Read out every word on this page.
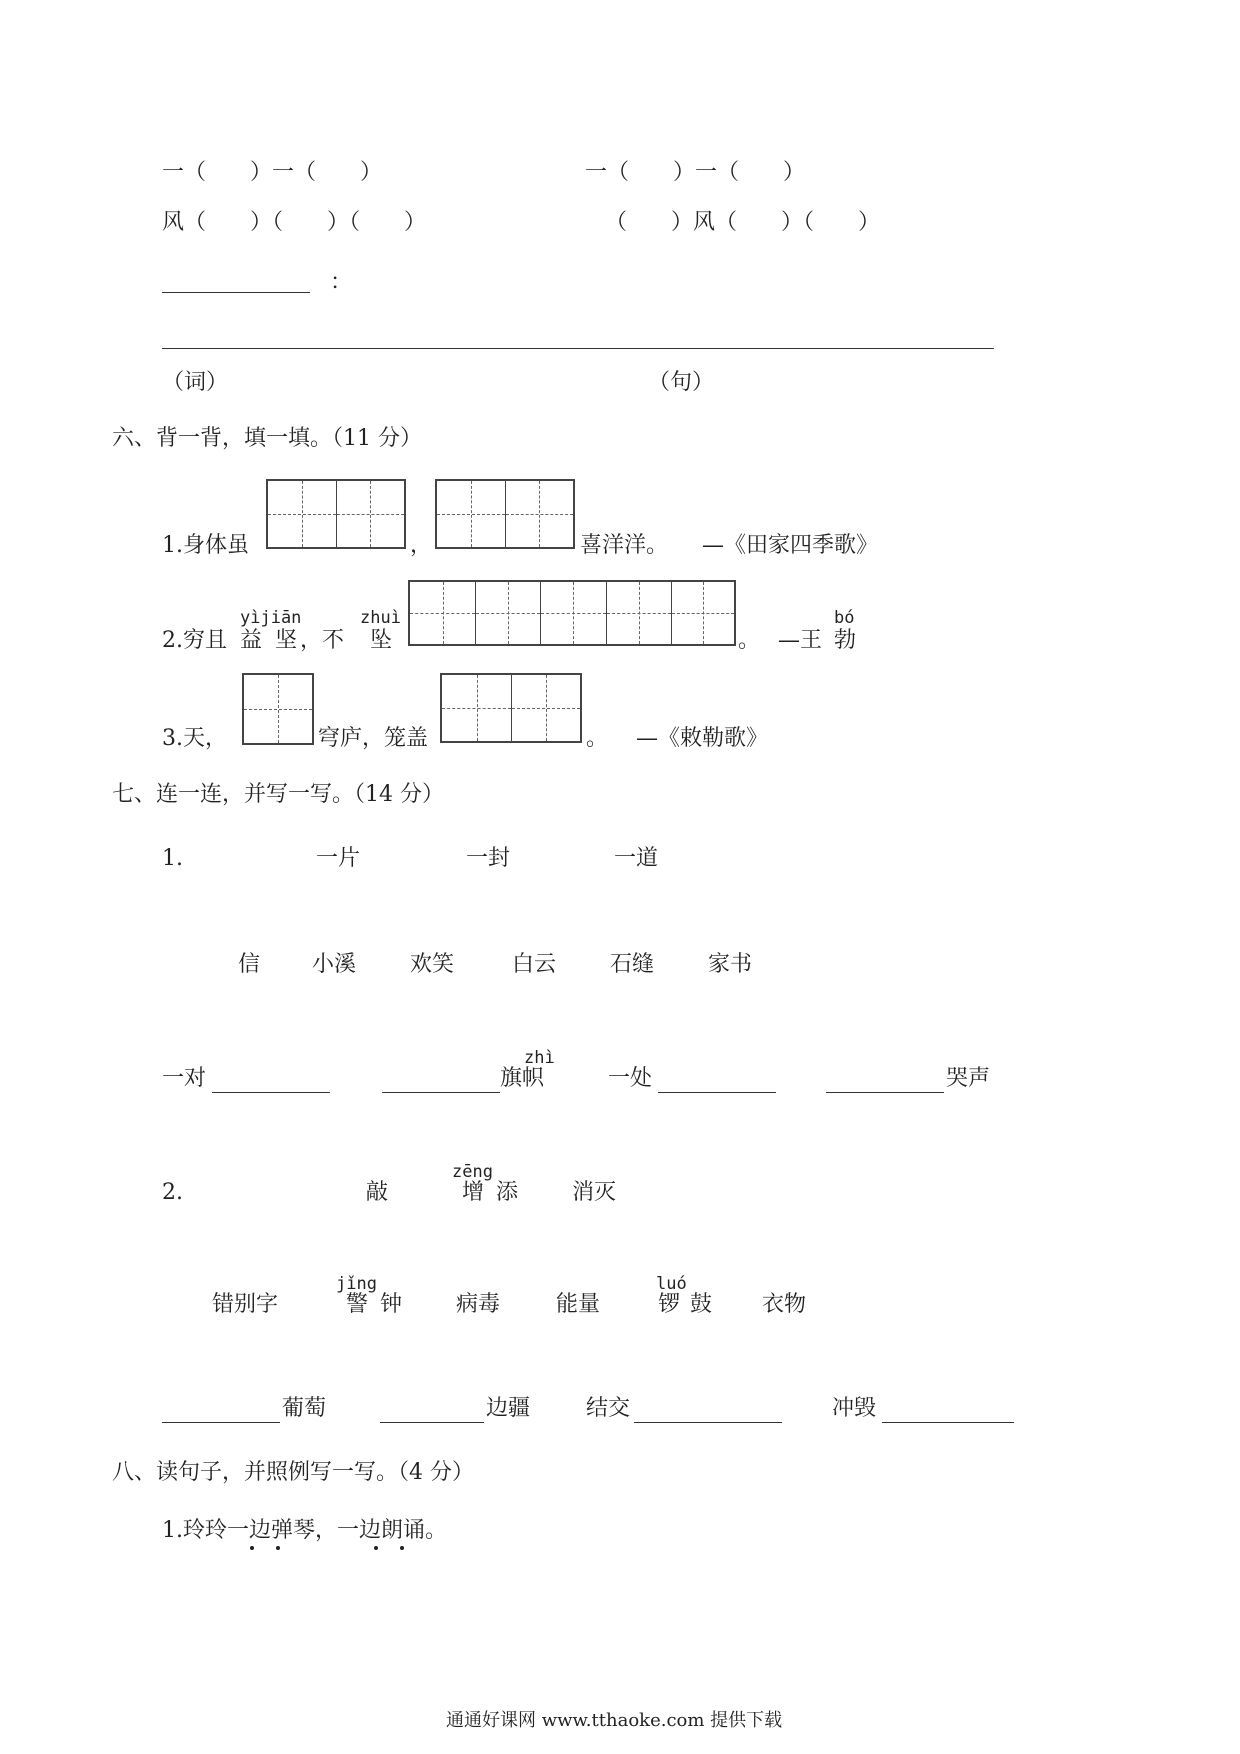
一（　　）一（　　）	一（　　）一（　　）
风（　　）（　　）（　　）	（　　）风（　　）（　　）
：
（词）	（句）
六、背一背，填一填。（11 分）
1.身体虽	，	喜洋洋。 —《田家四季歌》
yìjiān	zhuì	bó
2.穷且 益 坚 ，不 坠	。 —王 勃
3.天，	穹庐，笼盖	。 —《敕勒歌》
七、连一连，并写一写。（14 分）
1.	一片	一封	一道
信 小溪 欢笑	白云 石缝 家书
一对
zhì
旗帜	一处	哭声
2.	敲
zēng
增 添 消灭
错别字
jǐng
警 钟 病毒	能量
luó
锣 鼓 衣物
葡萄	边疆	结交	冲毁
八、读句子，并照例写一写。（4 分）
1.玲玲一边弹琴，一边朗诵。
通通好课网 www.tthaoke.com 提供下载
